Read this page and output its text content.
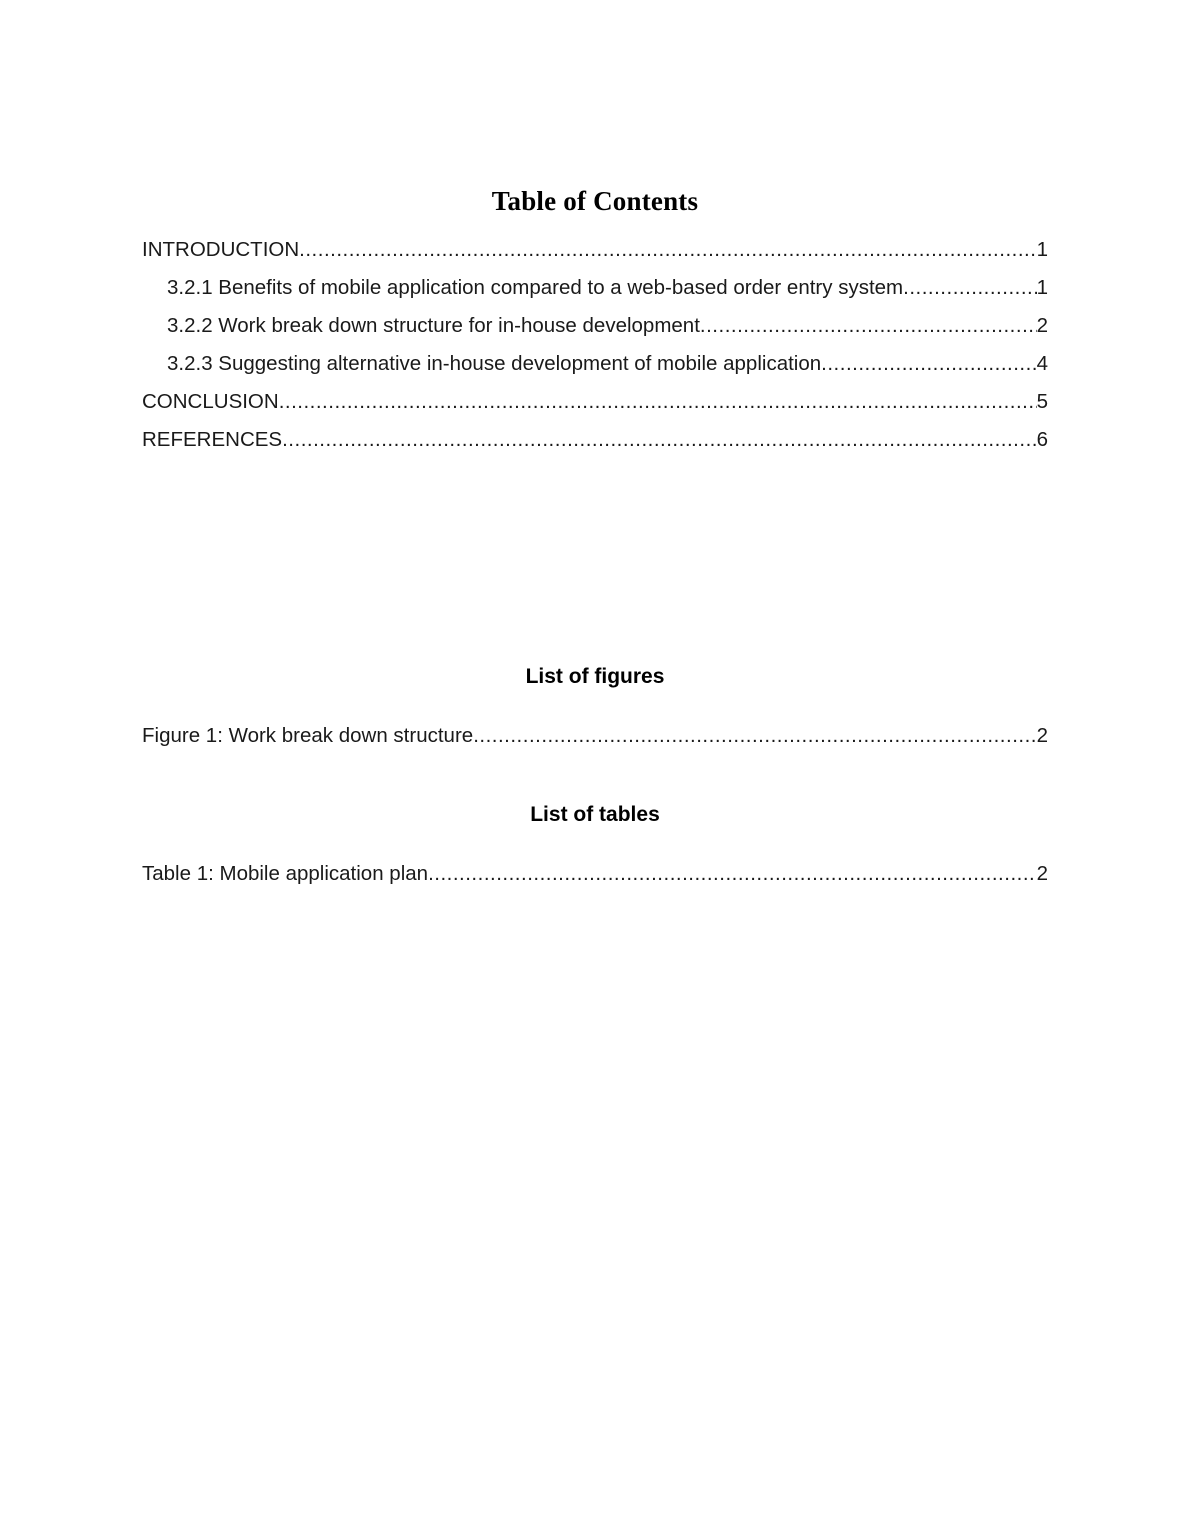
Table of Contents
INTRODUCTION .....	1
3.2.1 Benefits of mobile application compared to a web-based order entry system .....	1
3.2.2 Work break down structure for in-house development .....	2
3.2.3 Suggesting alternative in-house development of mobile application .....	4
CONCLUSION .....	5
REFERENCES .....	6
List of figures
Figure 1: Work break down structure .....	2
List of tables
Table 1: Mobile application plan .....	2
